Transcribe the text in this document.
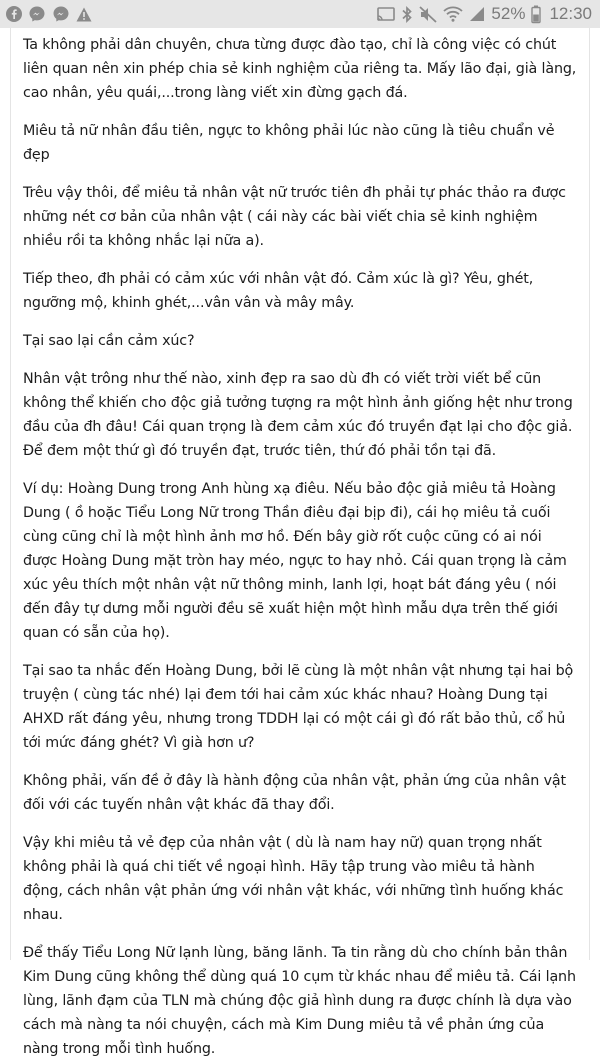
52% 12:30

Ta không phải dân chuyên, chưa từng được đào tạo, chỉ là công việc có chút liên quan nên xin phép chia sẻ kinh nghiệm của riêng ta. Mấy lão đại, già làng, cao nhân, yêu quái,...trong làng viết xin đừng gạch đá.

Miêu tả nữ nhân đầu tiên, ngực to không phải lúc nào cũng là tiêu chuẩn vẻ đẹp

Trêu vậy thôi, để miêu tả nhân vật nữ trước tiên đh phải tự phác thảo ra được những nét cơ bản của nhân vật ( cái này các bài viết chia sẻ kinh nghiệm nhiều rồi ta không nhắc lại nữa a).

Tiếp theo, đh phải có cảm xúc với nhân vật đó. Cảm xúc là gì? Yêu, ghét, ngưỡng mộ, khinh ghét,...vân vân và mây mây.

Tại sao lại cần cảm xúc?

Nhân vật trông như thế nào, xinh đẹp ra sao dù đh có viết trời viết bể cũn không thể khiến cho độc giả tưởng tượng ra một hình ảnh giống hệt như trong đầu của đh đâu! Cái quan trọng là đem cảm xúc đó truyền đạt lại cho độc giả. Để đem một thứ gì đó truyền đạt, trước tiên, thứ đó phải tồn tại đã.

Ví dụ: Hoàng Dung trong Anh hùng xạ điêu. Nếu bảo độc giả miêu tả Hoàng Dung ( ồ hoặc Tiểu Long Nữ trong Thần điêu đại bịp đi), cái họ miêu tả cuối cùng cũng chỉ là một hình ảnh mơ hồ. Đến bây giờ rốt cuộc cũng có ai nói được Hoàng Dung mặt tròn hay méo, ngực to hay nhỏ. Cái quan trọng là cảm xúc yêu thích một nhân vật nữ thông minh, lanh lợi, hoạt bát đáng yêu ( nói đến đây tự dưng mỗi người đều sẽ xuất hiện một hình mẫu dựa trên thế giới quan có sẵn của họ).

Tại sao ta nhắc đến Hoàng Dung, bởi lẽ cùng là một nhân vật nhưng tại hai bộ truyện ( cùng tác nhé) lại đem tới hai cảm xúc khác nhau? Hoàng Dung tại AHXD rất đáng yêu, nhưng trong TDDH lại có một cái gì đó rất bảo thủ, cổ hủ tới mức đáng ghét? Vì già hơn ư?

Không phải, vấn đề ở đây là hành động của nhân vật, phản ứng của nhân vật đối với các tuyến nhân vật khác đã thay đổi.

Vậy khi miêu tả vẻ đẹp của nhân vật ( dù là nam hay nữ) quan trọng nhất không phải là quá chi tiết về ngoại hình. Hãy tập trung vào miêu tả hành động, cách nhân vật phản ứng với nhân vật khác, với những tình huống khác nhau.

Để thấy Tiểu Long Nữ lạnh lùng, băng lãnh. Ta tin rằng dù cho chính bản thân Kim Dung cũng không thể dùng quá 10 cụm từ khác nhau để miêu tả. Cái lạnh lùng, lãnh đạm của TLN mà chúng độc giả hình dung ra được chính là dựa vào cách mà nàng ta nói chuyện, cách mà Kim Dung miêu tả về phản ứng của nàng trong mỗi tình huống.
